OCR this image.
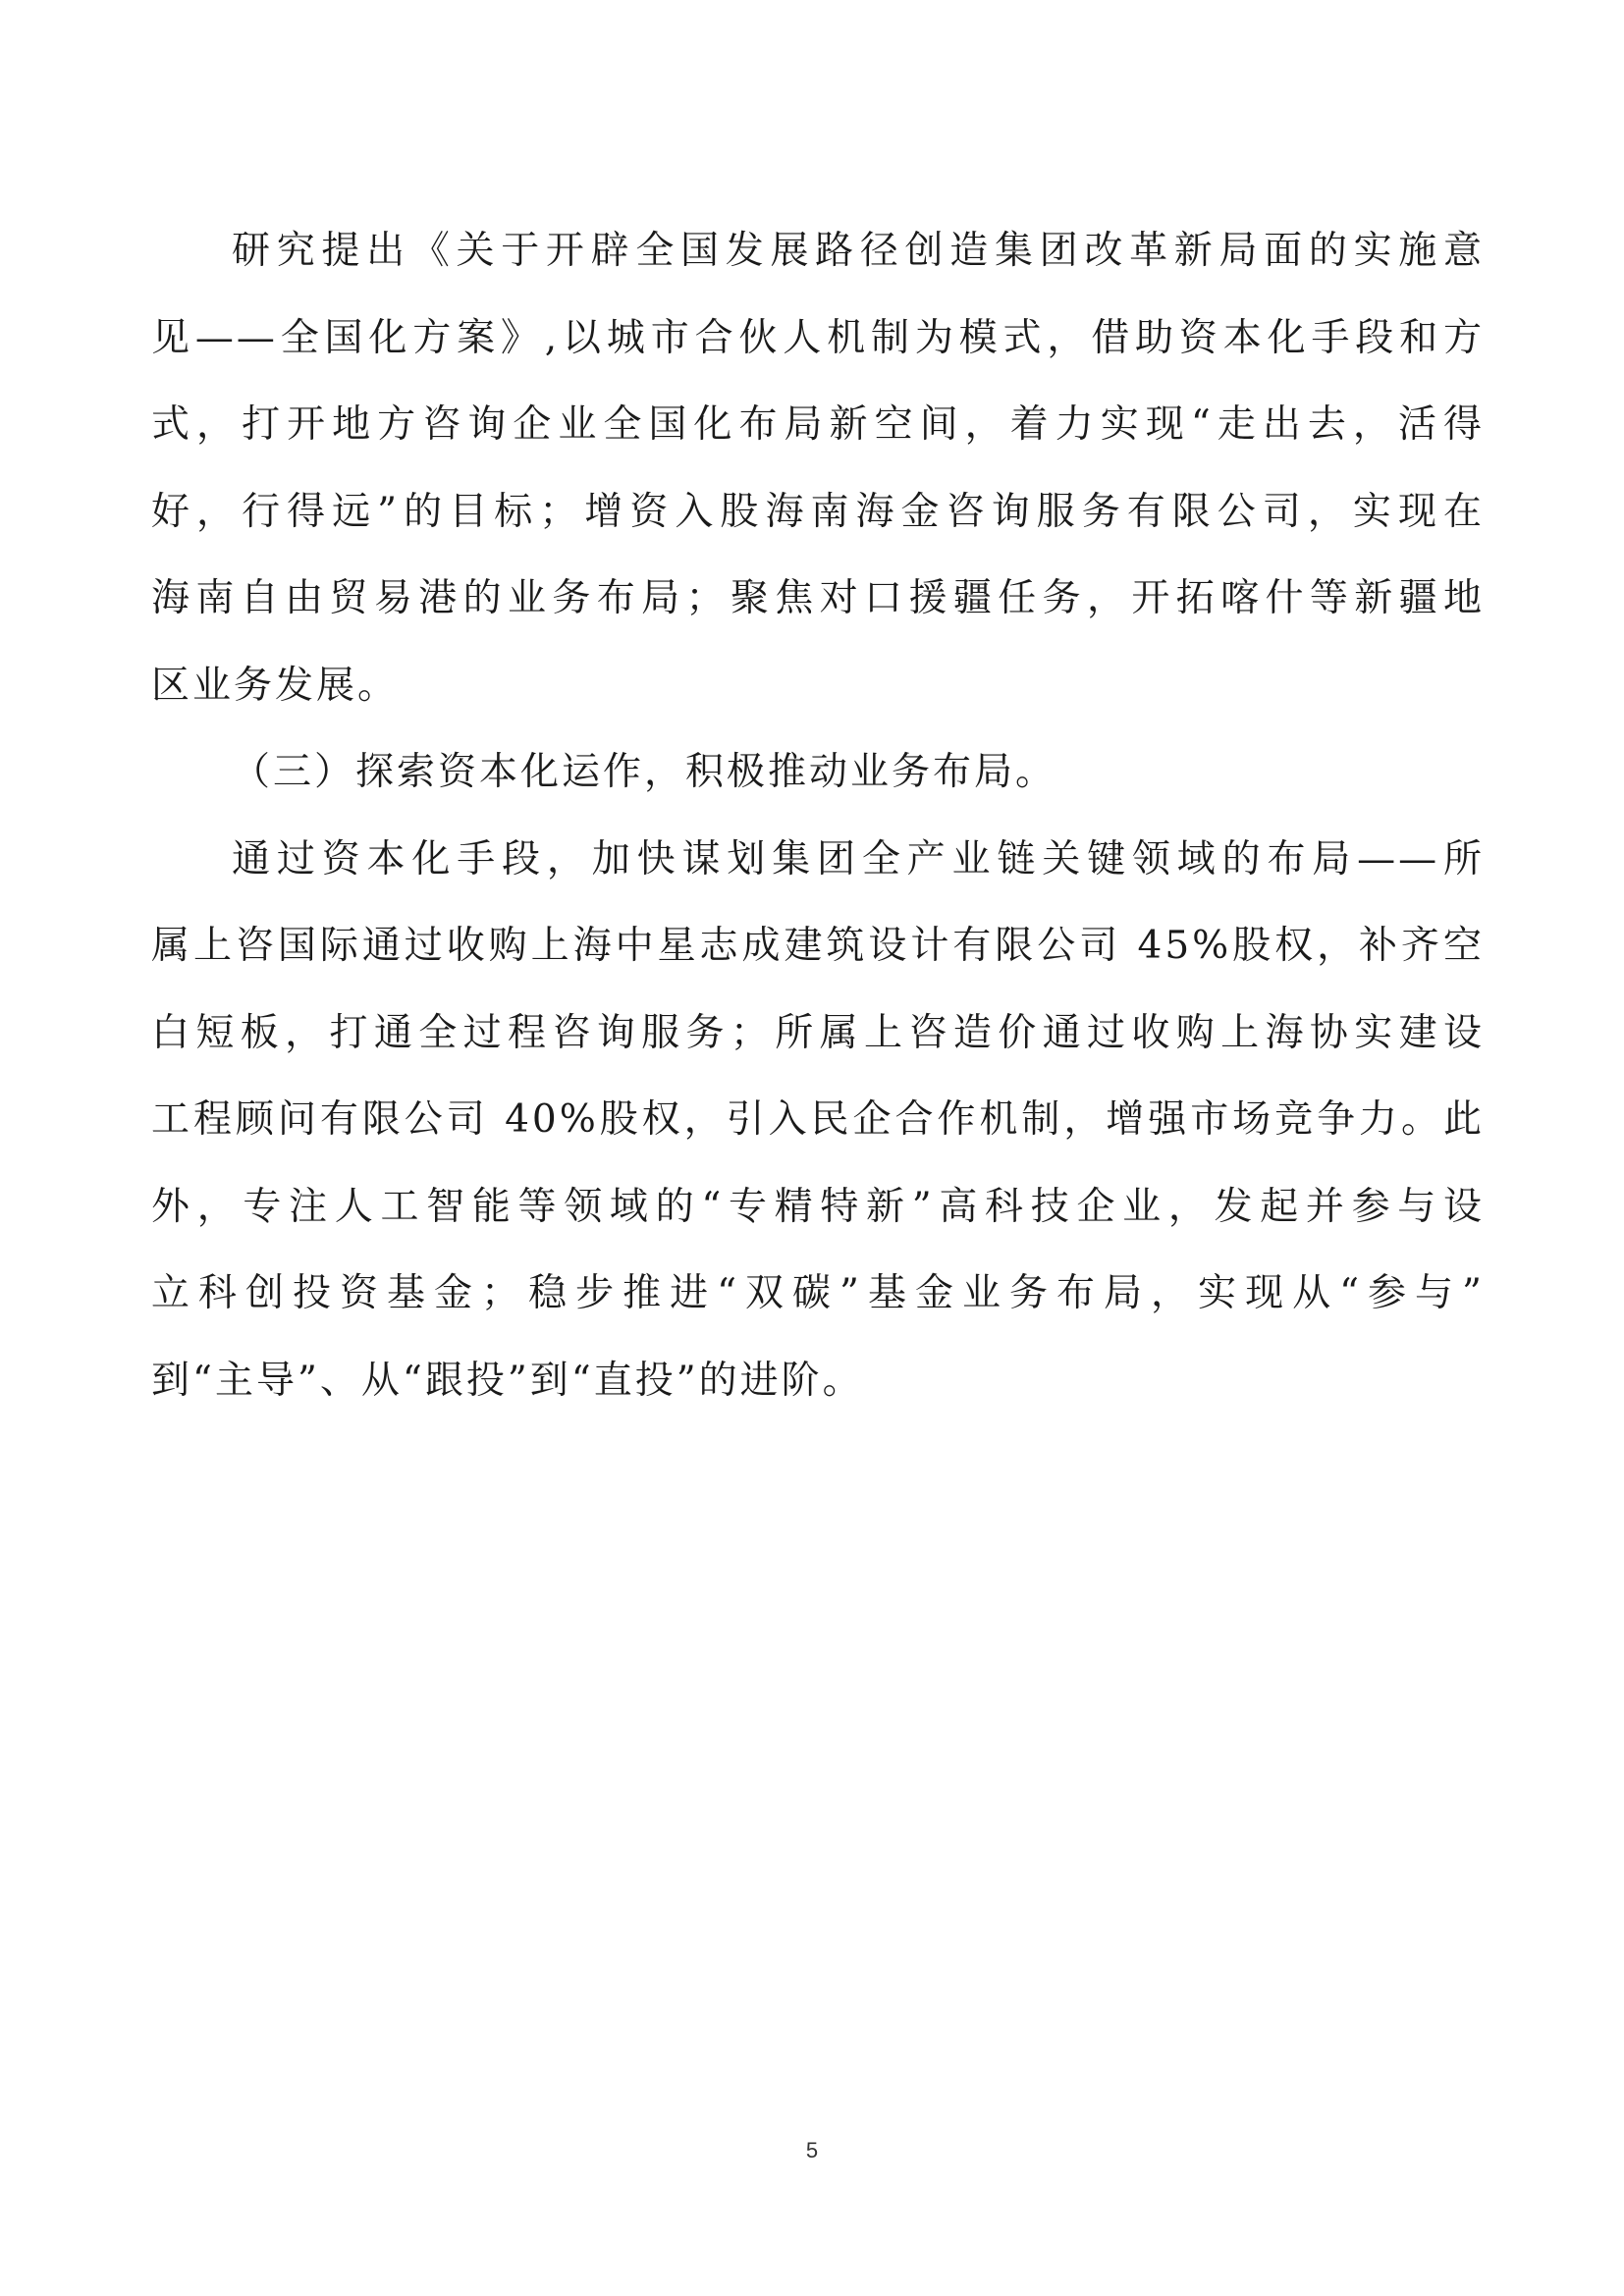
研究提出《关于开辟全国发展路径创造集团改革新局面的实施意
见——全国化方案》,以城市合伙人机制为模式，借助资本化手段和方
式，打开地方咨询企业全国化布局新空间，着力实现“走出去，活得
好，行得远”的目标；增资入股海南海金咨询服务有限公司，实现在
海南自由贸易港的业务布局；聚焦对口援疆任务，开拓喀什等新疆地
区业务发展。
（三）探索资本化运作，积极推动业务布局。
通过资本化手段，加快谋划集团全产业链关键领域的布局——所
属上咨国际通过收购上海中星志成建筑设计有限公司 45%股权，补齐空
白短板，打通全过程咨询服务；所属上咨造价通过收购上海协实建设
工程顾问有限公司 40%股权，引入民企合作机制，增强市场竞争力。此
外，专注人工智能等领域的“专精特新”高科技企业，发起并参与设
立科创投资基金；稳步推进“双碳”基金业务布局，实现从“参与”
到“主导”、从“跟投”到“直投”的进阶。
5
